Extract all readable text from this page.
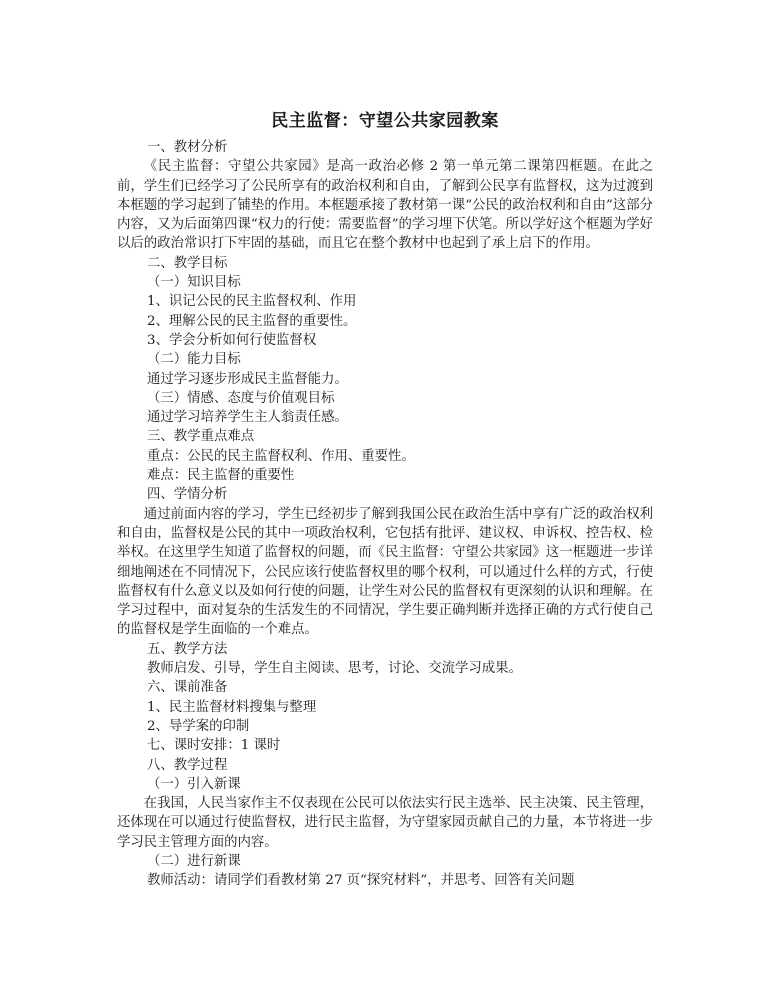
民主监督：守望公共家园教案

一、教材分析

《民主监督：守望公共家园》是高一政治必修 2 第一单元第二课第四框题。在此之前，学生们已经学习了公民所享有的政治权利和自由，了解到公民享有监督权，这为过渡到本框题的学习起到了铺垫的作用。本框题承接了教材第一课“公民的政治权利和自由”这部分内容，又为后面第四课“权力的行使：需要监督”的学习埋下伏笔。所以学好这个框题为学好以后的政治常识打下牢固的基础，而且它在整个教材中也起到了承上启下的作用。

二、教学目标

（一）知识目标

1、识记公民的民主监督权利、作用

2、理解公民的民主监督的重要性。

3、学会分析如何行使监督权

（二）能力目标

通过学习逐步形成民主监督能力。

（三）情感、态度与价值观目标

通过学习培养学生主人翁责任感。

三、教学重点难点

重点：公民的民主监督权利、作用、重要性。

难点：民主监督的重要性

四、学情分析

通过前面内容的学习，学生已经初步了解到我国公民在政治生活中享有广泛的政治权利和自由，监督权是公民的其中一项政治权利，它包括有批评、建议权、申诉权、控告权、检举权。在这里学生知道了监督权的问题，而《民主监督：守望公共家园》这一框题进一步详细地阐述在不同情况下，公民应该行使监督权里的哪个权利，可以通过什么样的方式，行使监督权有什么意义以及如何行使的问题，让学生对公民的监督权有更深刻的认识和理解。在学习过程中，面对复杂的生活发生的不同情况，学生要正确判断并选择正确的方式行使自己的监督权是学生面临的一个难点。

五、教学方法

教师启发、引导，学生自主阅读、思考，讨论、交流学习成果。

六、课前准备

1、民主监督材料搜集与整理

2、导学案的印制

七、课时安排：1 课时

八、教学过程

（一）引入新课

在我国，人民当家作主不仅表现在公民可以依法实行民主选举、民主决策、民主管理，还体现在可以通过行使监督权，进行民主监督，为守望家园贡献自己的力量，本节将进一步学习民主管理方面的内容。

（二）进行新课

教师活动：请同学们看教材第 27 页“探究材料”，并思考、回答有关问题
